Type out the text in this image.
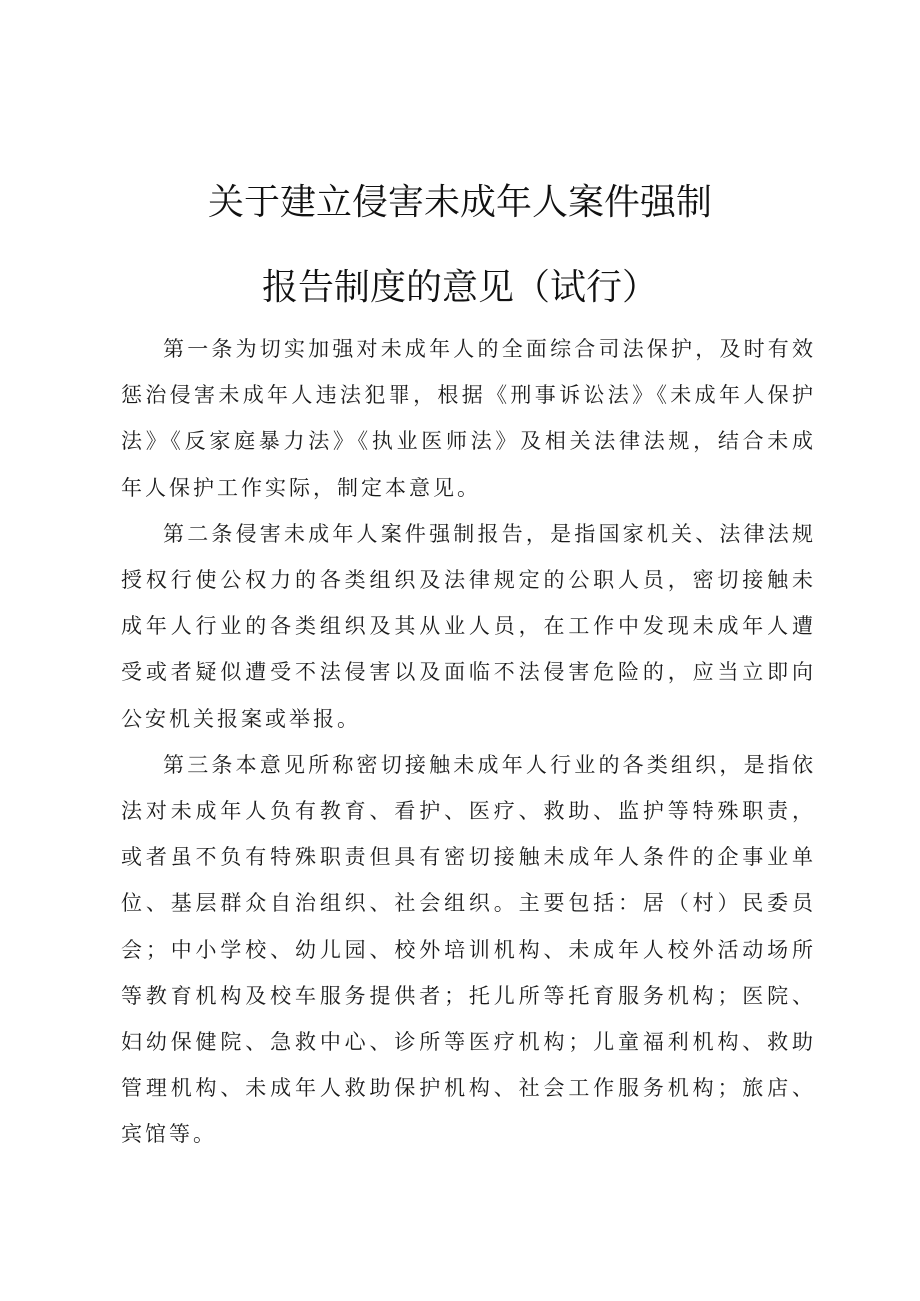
关于建立侵害未成年人案件强制
报告制度的意见（试行）

第一条为切实加强对未成年人的全面综合司法保护，及时有效惩治侵害未成年人违法犯罪，根据《刑事诉讼法》《未成年人保护法》《反家庭暴力法》《执业医师法》及相关法律法规，结合未成年人保护工作实际，制定本意见。

第二条侵害未成年人案件强制报告，是指国家机关、法律法规授权行使公权力的各类组织及法律规定的公职人员，密切接触未成年人行业的各类组织及其从业人员，在工作中发现未成年人遭受或者疑似遭受不法侵害以及面临不法侵害危险的，应当立即向公安机关报案或举报。

第三条本意见所称密切接触未成年人行业的各类组织，是指依法对未成年人负有教育、看护、医疗、救助、监护等特殊职责，或者虽不负有特殊职责但具有密切接触未成年人条件的企事业单位、基层群众自治组织、社会组织。主要包括：居（村）民委员会；中小学校、幼儿园、校外培训机构、未成年人校外活动场所等教育机构及校车服务提供者；托儿所等托育服务机构；医院、妇幼保健院、急救中心、诊所等医疗机构；儿童福利机构、救助管理机构、未成年人救助保护机构、社会工作服务机构；旅店、宾馆等。
